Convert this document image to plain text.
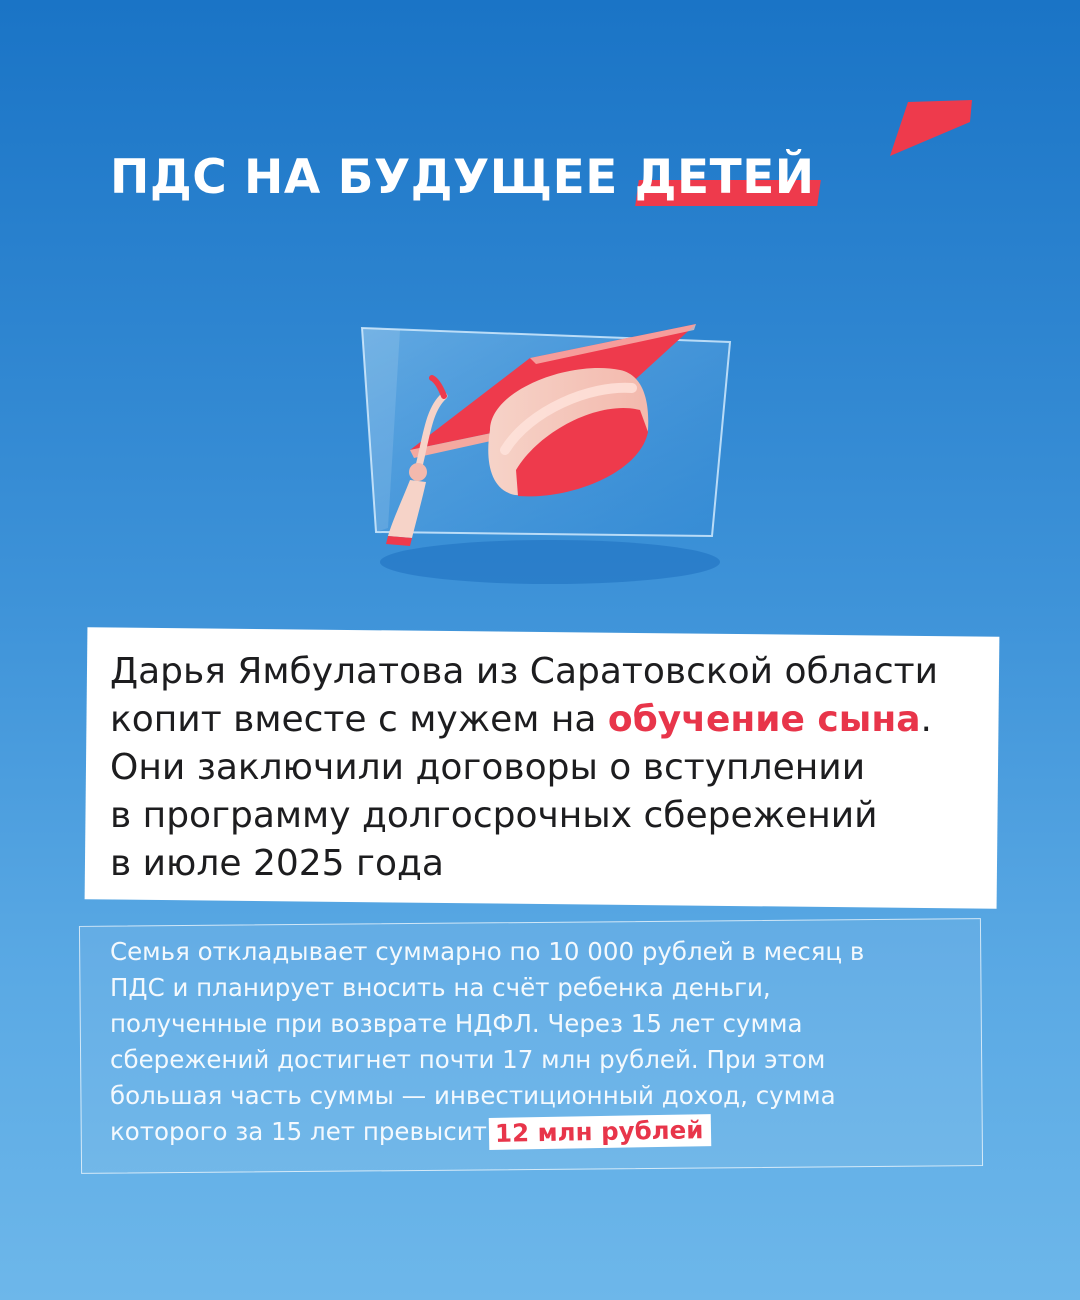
ПДС НА БУДУЩЕЕ ДЕТЕЙ
Дарья Ямбулатова из Саратовской области
копит вместе с мужем на обучение сына.
Они заключили договоры о вступлении
в программу долгосрочных сбережений
в июле 2025 года
Семья откладывает суммарно по 10 000 рублей в месяц в
ПДС и планирует вносить на счёт ребенка деньги,
полученные при возврате НДФЛ. Через 15 лет сумма
сбережений достигнет почти 17 млн рублей. При этом
большая часть суммы — инвестиционный доход, сумма
которого за 15 лет превысит 12 млн рублей
